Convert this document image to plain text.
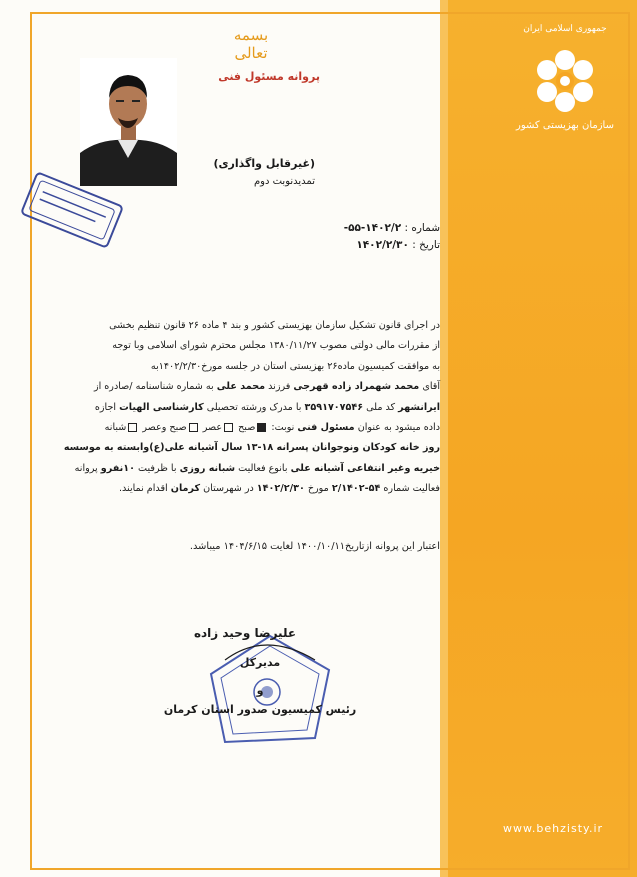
بسمه تعالی
جمهوری اسلامی ایران
سازمان بهزیستی کشور
پروانه مسئول فنی
(غیرقابل واگذاری)
تمدیدنوبت دوم
شماره : ۱۴۰۲/۲-۵۵-
تاریخ : ۱۴۰۲/۲/۳۰
در اجرای قانون تشکیل سازمان بهزیستی کشور و بند ۴ ماده ۲۶ قانون تنظیم بخشی
از مقررات مالی دولتی مصوب ۱۳۸۰/۱۱/۲۷ مجلس محترم شورای اسلامی وبا توجه
به موافقت کمیسیون ماده۲۶ بهزیستی استان در جلسه مورخ۱۴۰۲/۲/۳۰به
آقای محمد شهمراد زاده قهرجی فرزند محمد علی به شماره شناسنامه /صادره از
ایرانشهر کد ملی ۳۵۹۱۷۰۷۵۴۶ با مدرک ورشته تحصیلی کارشناسی الهیات اجازه
داده میشود به عنوان مسئول فنی نوبت: صبح عصر صبح وعصر شبانه
روز خانه کودکان ونوجوانان پسرانه ۱۸-۱۳ سال آشیانه علی(ع)وابسته به موسسه
خیریه وغیر انتفاعی آشیانه علی بانوع فعالیت شبانه روزی با ظرفیت ۱۰نفرو پروانه
فعالیت شماره ۵۴-۲/۱۴۰۲ مورخ ۱۴۰۲/۲/۳۰ در شهرستان کرمان اقدام نمایند.
اعتبار این پروانه ازتاریخ۱۴۰۰/۱۰/۱۱ لغایت ۱۴۰۴/۶/۱۵ میباشد.
علیرضا وحید زاده
مدیرکل
و
رئیس کمیسیون صدور استان کرمان
www.behzisty.ir
